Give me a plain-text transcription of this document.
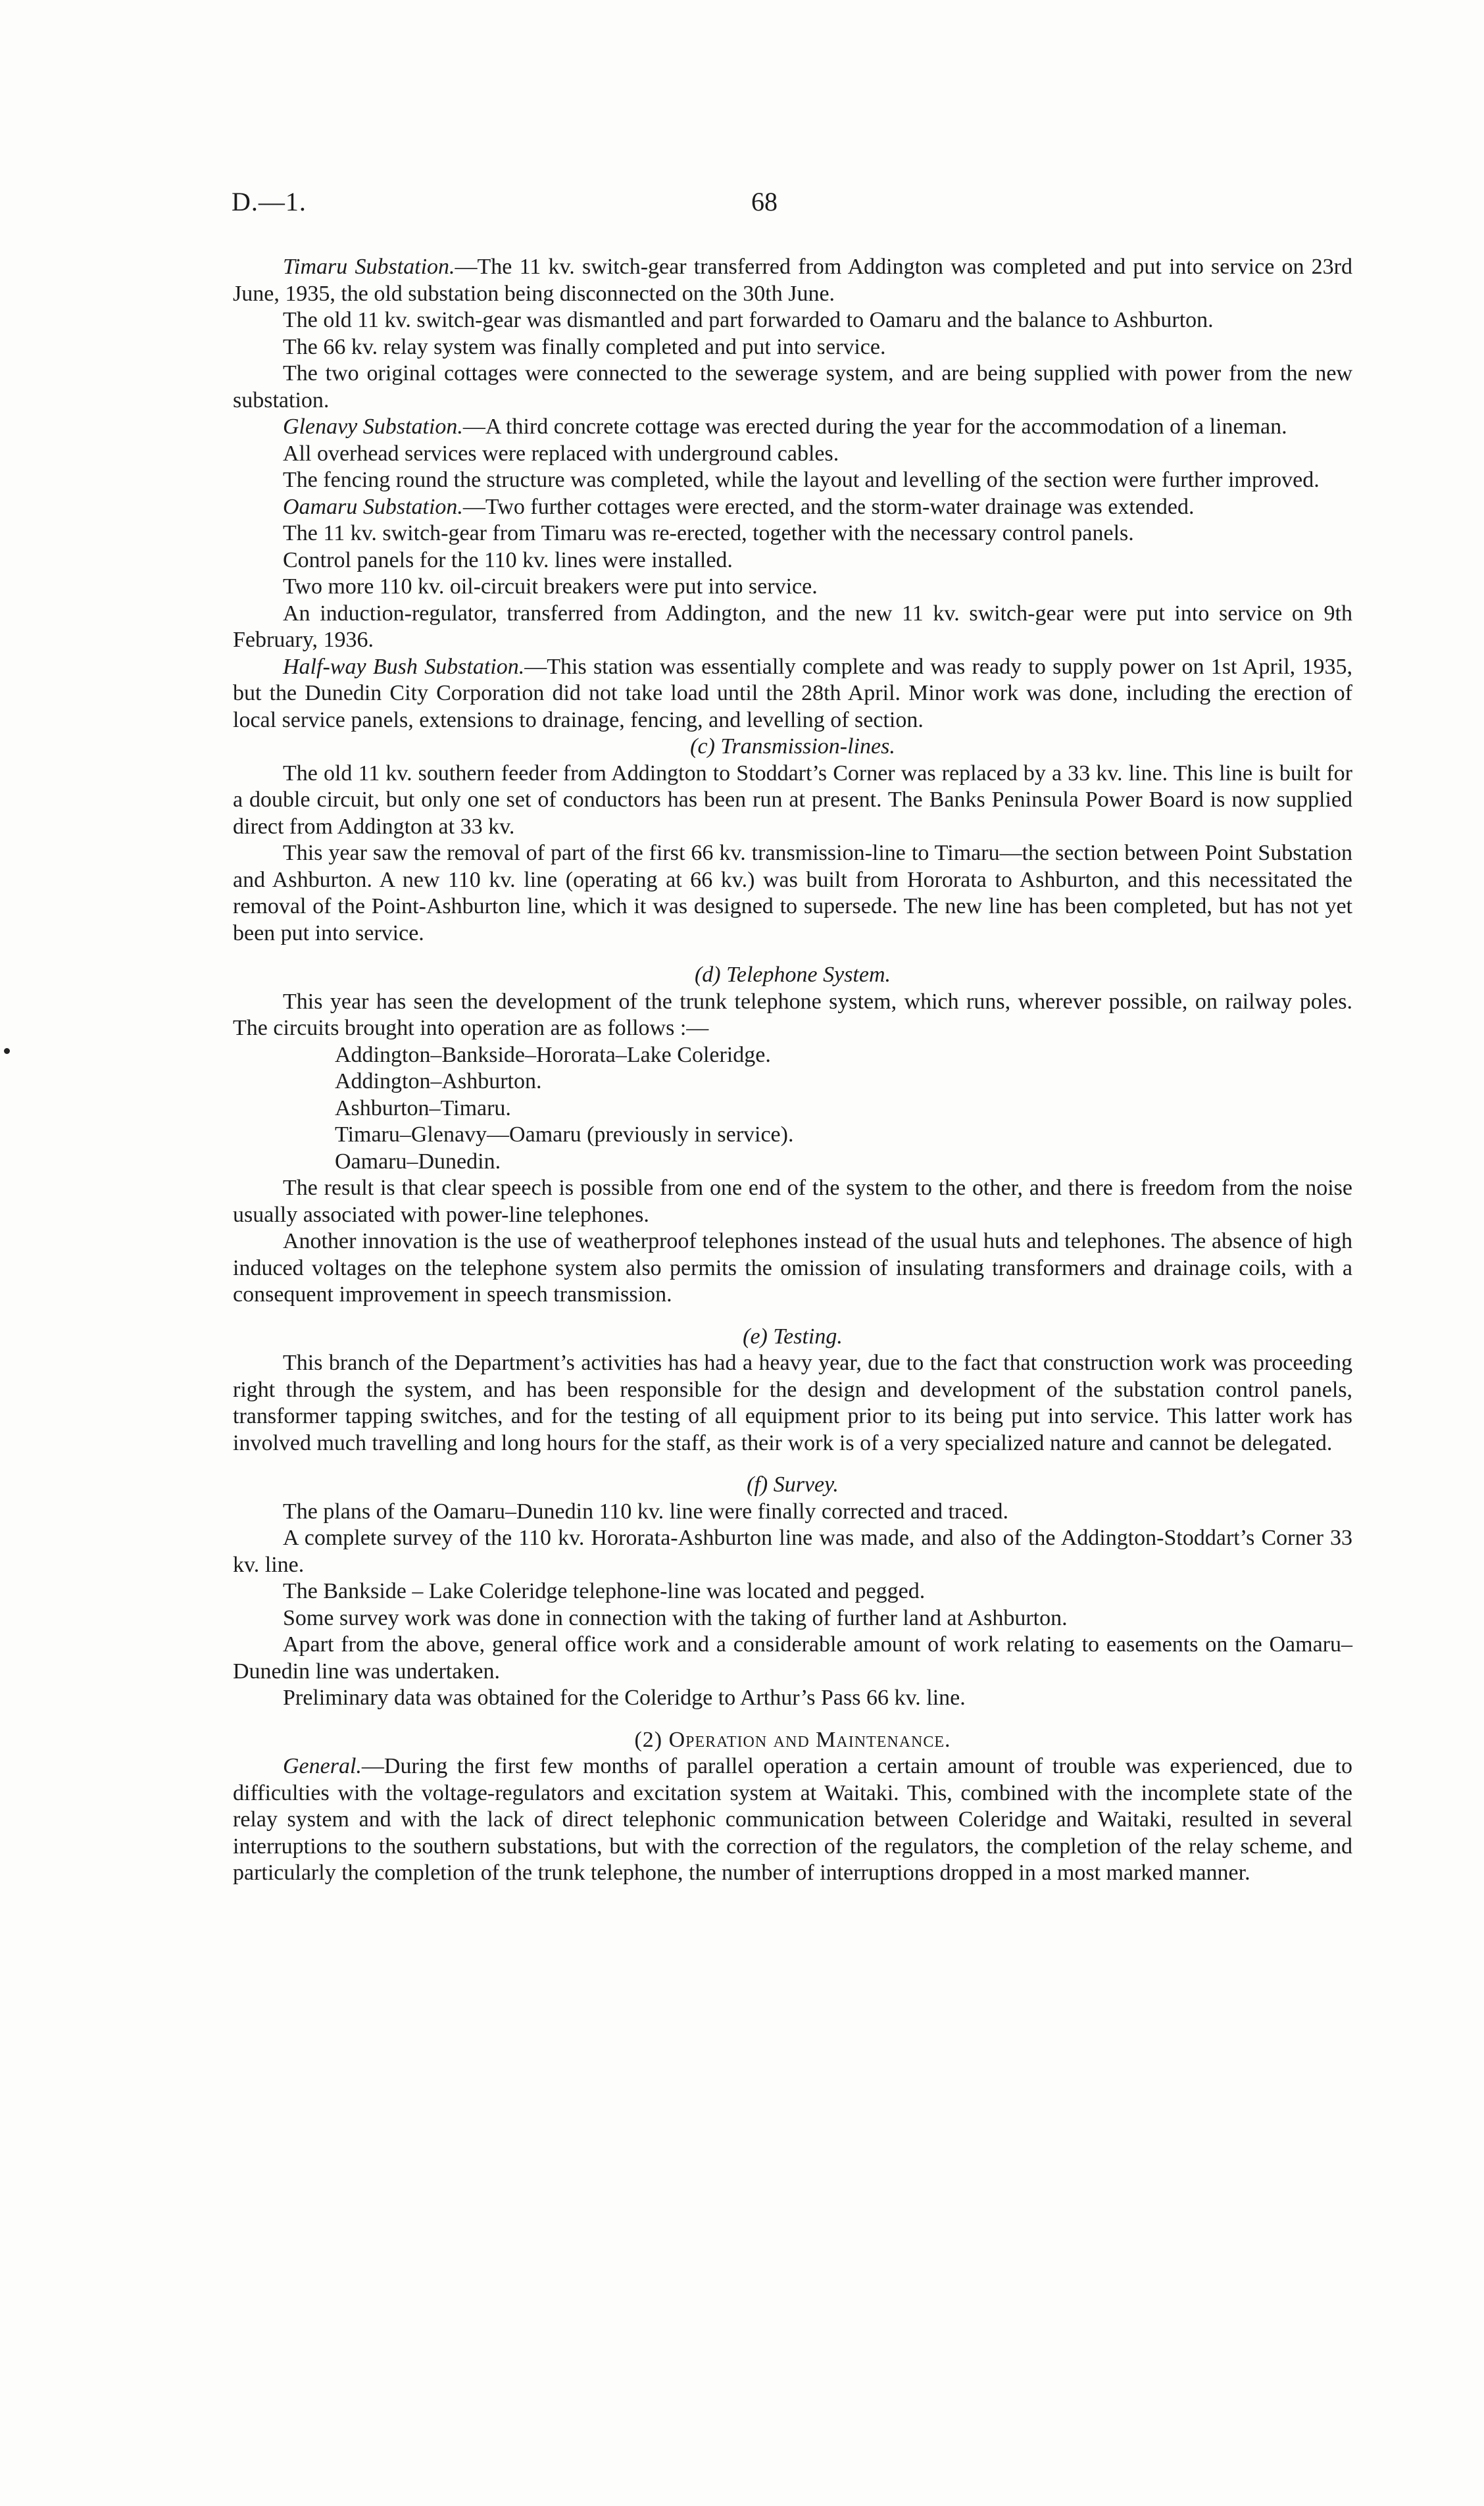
D.—1.	68

Timaru Substation.—The 11 kv. switch-gear transferred from Addington was completed and put into service on 23rd June, 1935, the old substation being disconnected on the 30th June.

The old 11 kv. switch-gear was dismantled and part forwarded to Oamaru and the balance to Ashburton.

The 66 kv. relay system was finally completed and put into service.

The two original cottages were connected to the sewerage system, and are being supplied with power from the new substation.

Glenavy Substation.—A third concrete cottage was erected during the year for the accommodation of a lineman.

All overhead services were replaced with underground cables.

The fencing round the structure was completed, while the layout and levelling of the section were further improved.

Oamaru Substation.—Two further cottages were erected, and the storm-water drainage was extended.

The 11 kv. switch-gear from Timaru was re-erected, together with the necessary control panels.

Control panels for the 110 kv. lines were installed.

Two more 110 kv. oil-circuit breakers were put into service.

An induction-regulator, transferred from Addington, and the new 11 kv. switch-gear were put into service on 9th February, 1936.

Half-way Bush Substation.—This station was essentially complete and was ready to supply power on 1st April, 1935, but the Dunedin City Corporation did not take load until the 28th April. Minor work was done, including the erection of local service panels, extensions to drainage, fencing, and levelling of section.

(c) Transmission-lines.

The old 11 kv. southern feeder from Addington to Stoddart’s Corner was replaced by a 33 kv. line. This line is built for a double circuit, but only one set of conductors has been run at present. The Banks Peninsula Power Board is now supplied direct from Addington at 33 kv.

This year saw the removal of part of the first 66 kv. transmission-line to Timaru—the section between Point Substation and Ashburton. A new 110 kv. line (operating at 66 kv.) was built from Hororata to Ashburton, and this necessitated the removal of the Point-Ashburton line, which it was designed to supersede. The new line has been completed, but has not yet been put into service.

(d) Telephone System.

This year has seen the development of the trunk telephone system, which runs, wherever possible, on railway poles. The circuits brought into operation are as follows :—

Addington–Bankside–Hororata–Lake Coleridge.

Addington–Ashburton.

Ashburton–Timaru.

Timaru–Glenavy—Oamaru (previously in service).

Oamaru–Dunedin.

The result is that clear speech is possible from one end of the system to the other, and there is freedom from the noise usually associated with power-line telephones.

Another innovation is the use of weatherproof telephones instead of the usual huts and telephones. The absence of high induced voltages on the telephone system also permits the omission of insulating transformers and drainage coils, with a consequent improvement in speech transmission.

(e) Testing.

This branch of the Department’s activities has had a heavy year, due to the fact that construction work was proceeding right through the system, and has been responsible for the design and development of the substation control panels, transformer tapping switches, and for the testing of all equipment prior to its being put into service. This latter work has involved much travelling and long hours for the staff, as their work is of a very specialized nature and cannot be delegated.

(f) Survey.

The plans of the Oamaru–Dunedin 110 kv. line were finally corrected and traced.

A complete survey of the 110 kv. Hororata-Ashburton line was made, and also of the Addington-Stoddart’s Corner 33 kv. line.

The Bankside – Lake Coleridge telephone-line was located and pegged.

Some survey work was done in connection with the taking of further land at Ashburton.

Apart from the above, general office work and a considerable amount of work relating to easements on the Oamaru–Dunedin line was undertaken.

Preliminary data was obtained for the Coleridge to Arthur’s Pass 66 kv. line.

(2) Operation and Maintenance.

General.—During the first few months of parallel operation a certain amount of trouble was experienced, due to difficulties with the voltage-regulators and excitation system at Waitaki. This, combined with the incomplete state of the relay system and with the lack of direct telephonic communication between Coleridge and Waitaki, resulted in several interruptions to the southern substations, but with the correction of the regulators, the completion of the relay scheme, and particularly the completion of the trunk telephone, the number of interruptions dropped in a most marked manner.
